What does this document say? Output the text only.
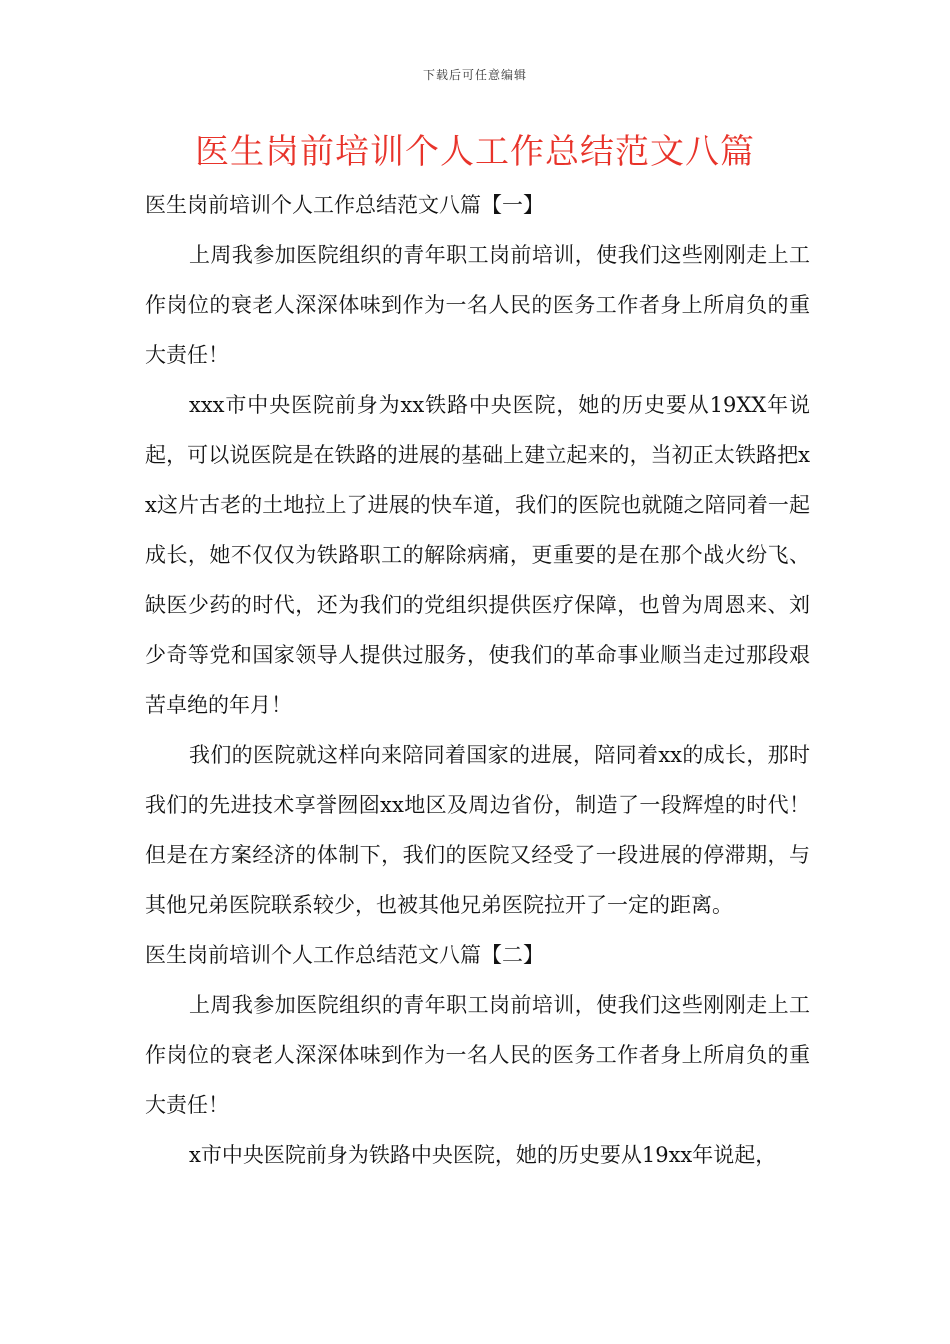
下载后可任意编辑
医生岗前培训个人工作总结范文八篇
医生岗前培训个人工作总结范文八篇【一】

上周我参加医院组织的青年职工岗前培训，使我们这些刚刚走上工作岗位的衰老人深深体味到作为一名人民的医务工作者身上所肩负的重大责任！

xxx市中央医院前身为xx铁路中央医院，她的历史要从19XX年说起，可以说医院是在铁路的进展的基础上建立起来的，当初正太铁路把xx这片古老的土地拉上了进展的快车道，我们的医院也就随之陪同着一起成长，她不仅仅为铁路职工的解除病痛，更重要的是在那个战火纷飞、缺医少药的时代，还为我们的党组织提供医疗保障，也曾为周恩来、刘少奇等党和国家领导人提供过服务，使我们的革命事业顺当走过那段艰苦卓绝的年月！

我们的医院就这样向来陪同着国家的进展，陪同着xx的成长，那时我们的先进技术享誉囫囵xx地区及周边省份，制造了一段辉煌的时代！但是在方案经济的体制下，我们的医院又经受了一段进展的停滞期，与其他兄弟医院联系较少，也被其他兄弟医院拉开了一定的距离。

医生岗前培训个人工作总结范文八篇【二】

上周我参加医院组织的青年职工岗前培训，使我们这些刚刚走上工作岗位的衰老人深深体味到作为一名人民的医务工作者身上所肩负的重大责任！

x市中央医院前身为铁路中央医院，她的历史要从19xx年说起，
